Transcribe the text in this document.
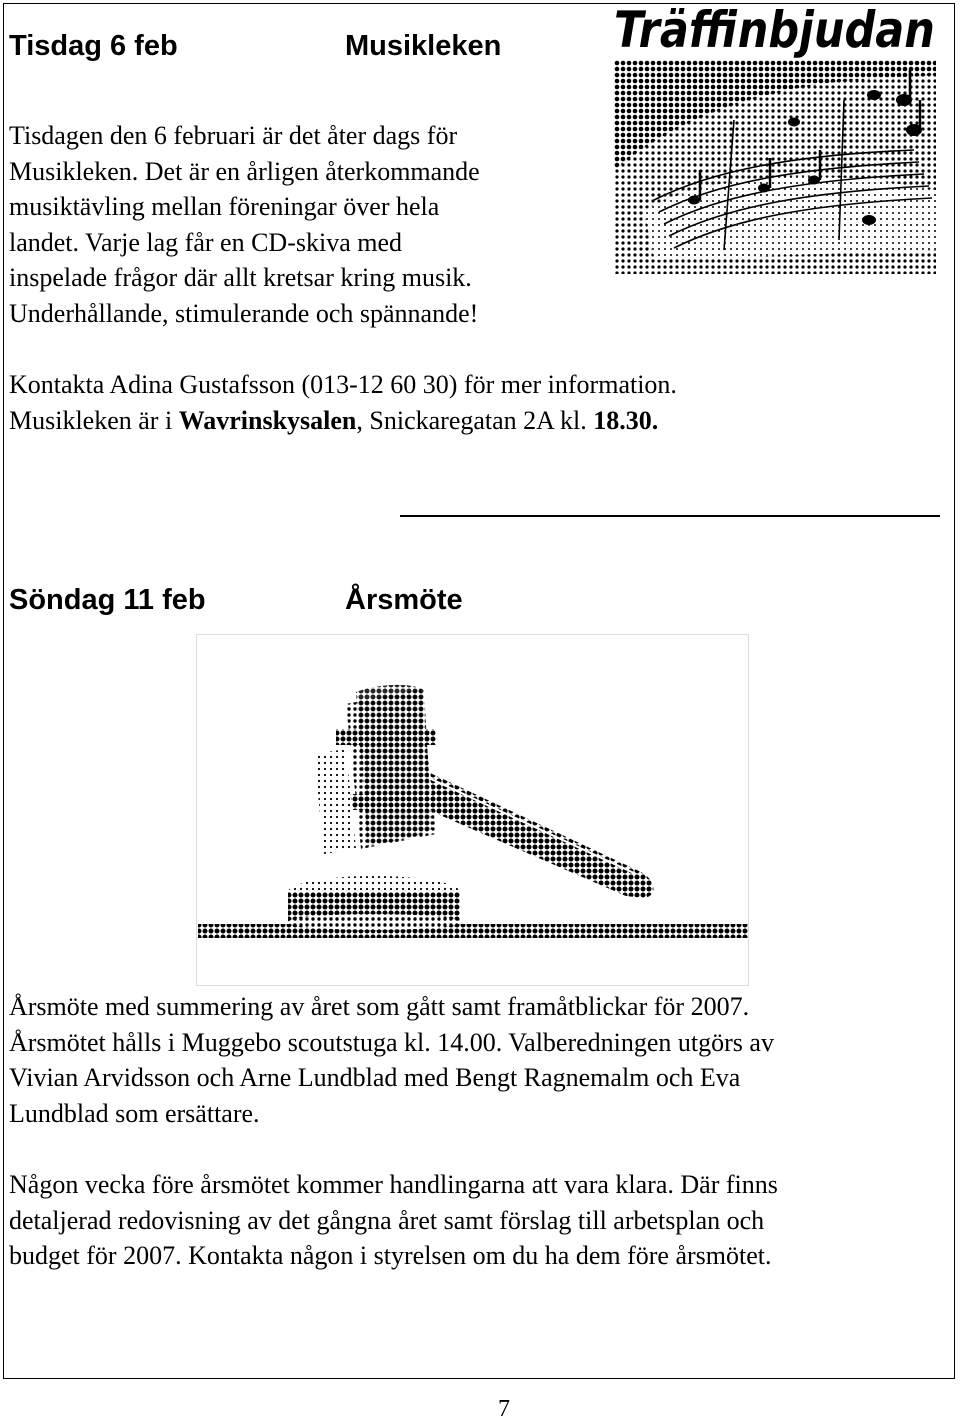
Tisdag 6 feb	Musikleken	Träffinbjudan
Tisdagen den 6 februari är det åter dags för
Musikleken. Det är en årligen återkommande
musiktävling mellan föreningar över hela
landet. Varje lag får en CD-skiva med
inspelade frågor där allt kretsar kring musik.
Underhållande, stimulerande och spännande!
Kontakta Adina Gustafsson (013-12 60 30) för mer information.
Musikleken är i Wavrinskysalen, Snickaregatan 2A kl. 18.30.
Söndag 11 feb	Årsmöte
Årsmöte med summering av året som gått samt framåtblickar för 2007.
Årsmötet hålls i Muggebo scoutstuga kl. 14.00. Valberedningen utgörs av
Vivian Arvidsson och Arne Lundblad med Bengt Ragnemalm och Eva
Lundblad som ersättare.
Någon vecka före årsmötet kommer handlingarna att vara klara. Där finns
detaljerad redovisning av det gångna året samt förslag till arbetsplan och
budget för 2007. Kontakta någon i styrelsen om du ha dem före årsmötet.
7
